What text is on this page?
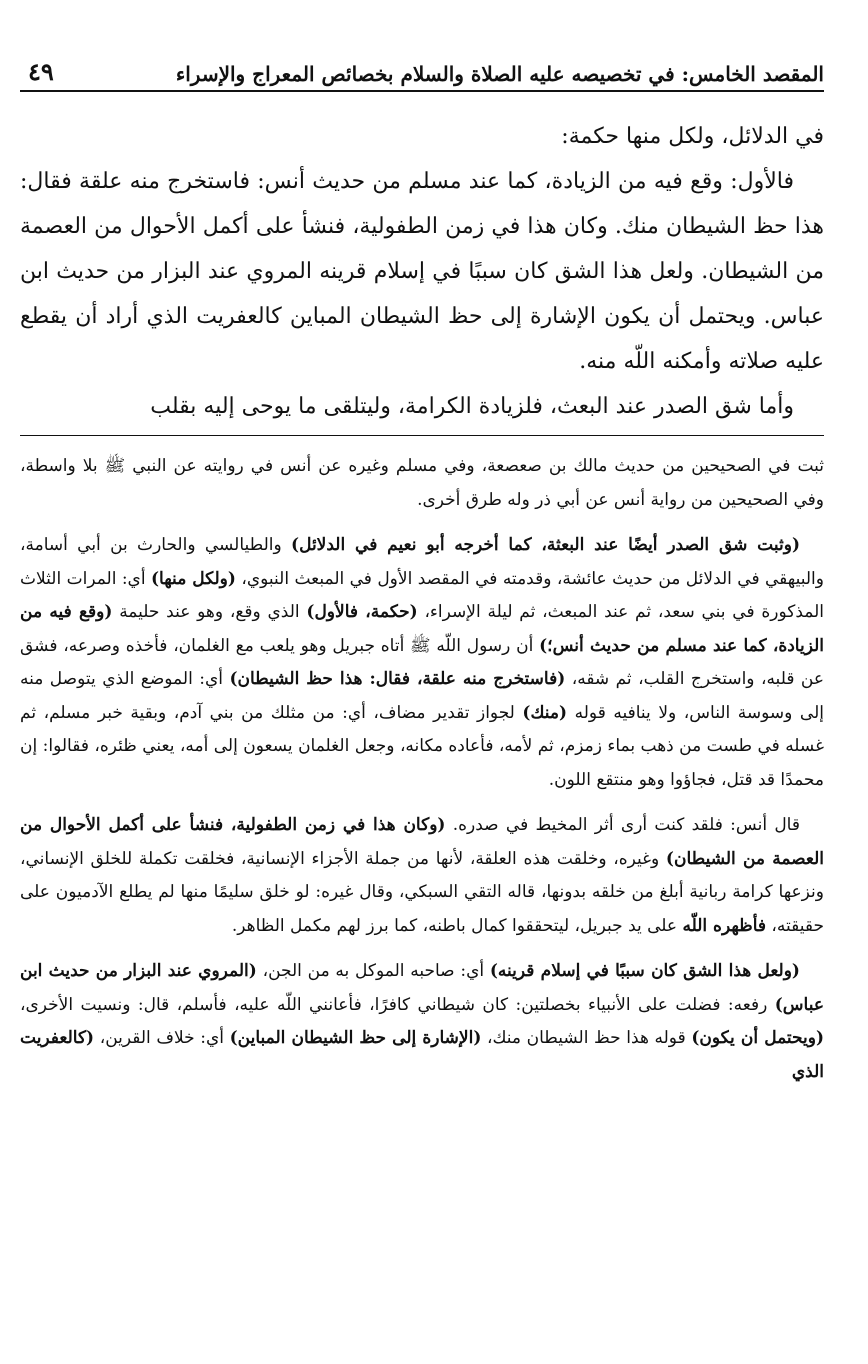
المقصد الخامس: في تخصيصه عليه الصلاة والسلام بخصائص المعراج والإسراء
٤٩

في الدلائل، ولكل منها حكمة:

فالأول: وقع فيه من الزيادة، كما عند مسلم من حديث أنس: فاستخرج منه علقة فقال: هذا حظ الشيطان منك. وكان هذا في زمن الطفولية، فنشأ على أكمل الأحوال من العصمة من الشيطان. ولعل هذا الشق كان سببًا في إسلام قرينه المروي عند البزار من حديث ابن عباس. ويحتمل أن يكون الإشارة إلى حظ الشيطان المباين كالعفريت الذي أراد أن يقطع عليه صلاته وأمكنه اللّه منه.

وأما شق الصدر عند البعث، فلزيادة الكرامة، وليتلقى ما يوحى إليه بقلب

ثبت في الصحيحين من حديث مالك بن صعصعة، وفي مسلم وغيره عن أنس في روايته عن النبي ﷺ بلا واسطة، وفي الصحيحين من رواية أنس عن أبي ذر وله طرق أخرى.

(وثبت شق الصدر أيضًا عند البعثة، كما أخرجه أبو نعيم في الدلائل) والطيالسي والحارث بن أبي أسامة، والبيهقي في الدلائل من حديث عائشة، وقدمته في المقصد الأول في المبعث النبوي، (ولكل منها) أي: المرات الثلاث المذكورة في بني سعد، ثم عند المبعث، ثم ليلة الإسراء، (حكمة، فالأول) الذي وقع، وهو عند حليمة (وقع فيه من الزيادة، كما عند مسلم من حديث أنس؛) أن رسول اللّه ﷺ أتاه جبريل وهو يلعب مع الغلمان، فأخذه وصرعه، فشق عن قلبه، واستخرج القلب، ثم شقه، (فاستخرج منه علقة، فقال: هذا حظ الشيطان) أي: الموضع الذي يتوصل منه إلى وسوسة الناس، ولا ينافيه قوله (منك) لجواز تقدير مضاف، أي: من مثلك من بني آدم، وبقية خبر مسلم، ثم غسله في طست من ذهب بماء زمزم، ثم لأمه، فأعاده مكانه، وجعل الغلمان يسعون إلى أمه، يعني ظئره، فقالوا: إن محمدًا قد قتل، فجاؤوا وهو منتقع اللون.

قال أنس: فلقد كنت أرى أثر المخيط في صدره. (وكان هذا في زمن الطفولية، فنشأ على أكمل الأحوال من العصمة من الشيطان) وغيره، وخلقت هذه العلقة، لأنها من جملة الأجزاء الإنسانية، فخلقت تكملة للخلق الإنساني، ونزعها كرامة ربانية أبلغ من خلقه بدونها، قاله التقي السبكي، وقال غيره: لو خلق سليمًا منها لم يطلع الآدميون على حقيقته، فأظهره اللّه على يد جبريل، ليتحققوا كمال باطنه، كما برز لهم مكمل الظاهر.

(ولعل هذا الشق كان سببًا في إسلام قرينه) أي: صاحبه الموكل به من الجن، (المروي عند البزار من حديث ابن عباس) رفعه: فضلت على الأنبياء بخصلتين: كان شيطاني كافرًا، فأعانني اللّه عليه، فأسلم، قال: ونسيت الأخرى، (ويحتمل أن يكون) قوله هذا حظ الشيطان منك، (الإشارة إلى حظ الشيطان المباين) أي: خلاف القرين، (كالعفريت الذي
